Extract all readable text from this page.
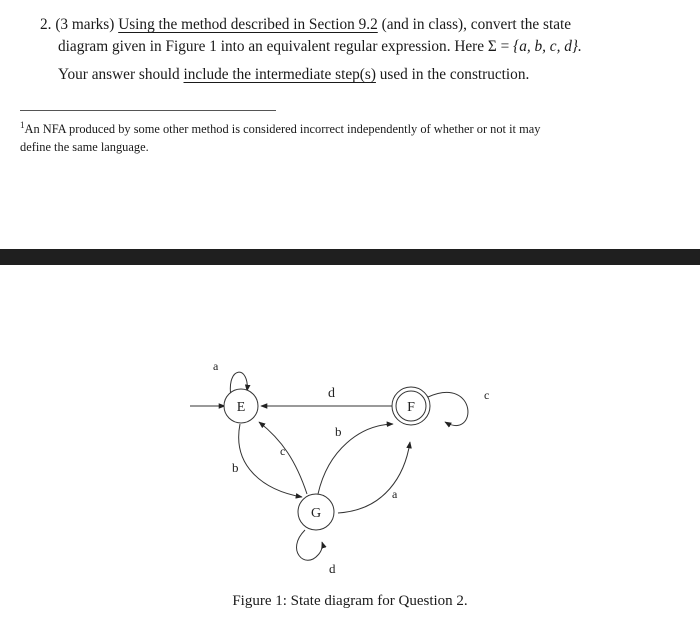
2. (3 marks) Using the method described in Section 9.2 (and in class), convert the state
diagram given in Figure 1 into an equivalent regular expression. Here Σ = {a, b, c, d}.
Your answer should include the intermediate step(s) used in the construction.
$^1$An NFA produced by some other method is considered incorrect independently of whether or not it may
define the same language.
E	F
G
a
d	c
b
c
b
a
d
Figure 1: State diagram for Question 2.
